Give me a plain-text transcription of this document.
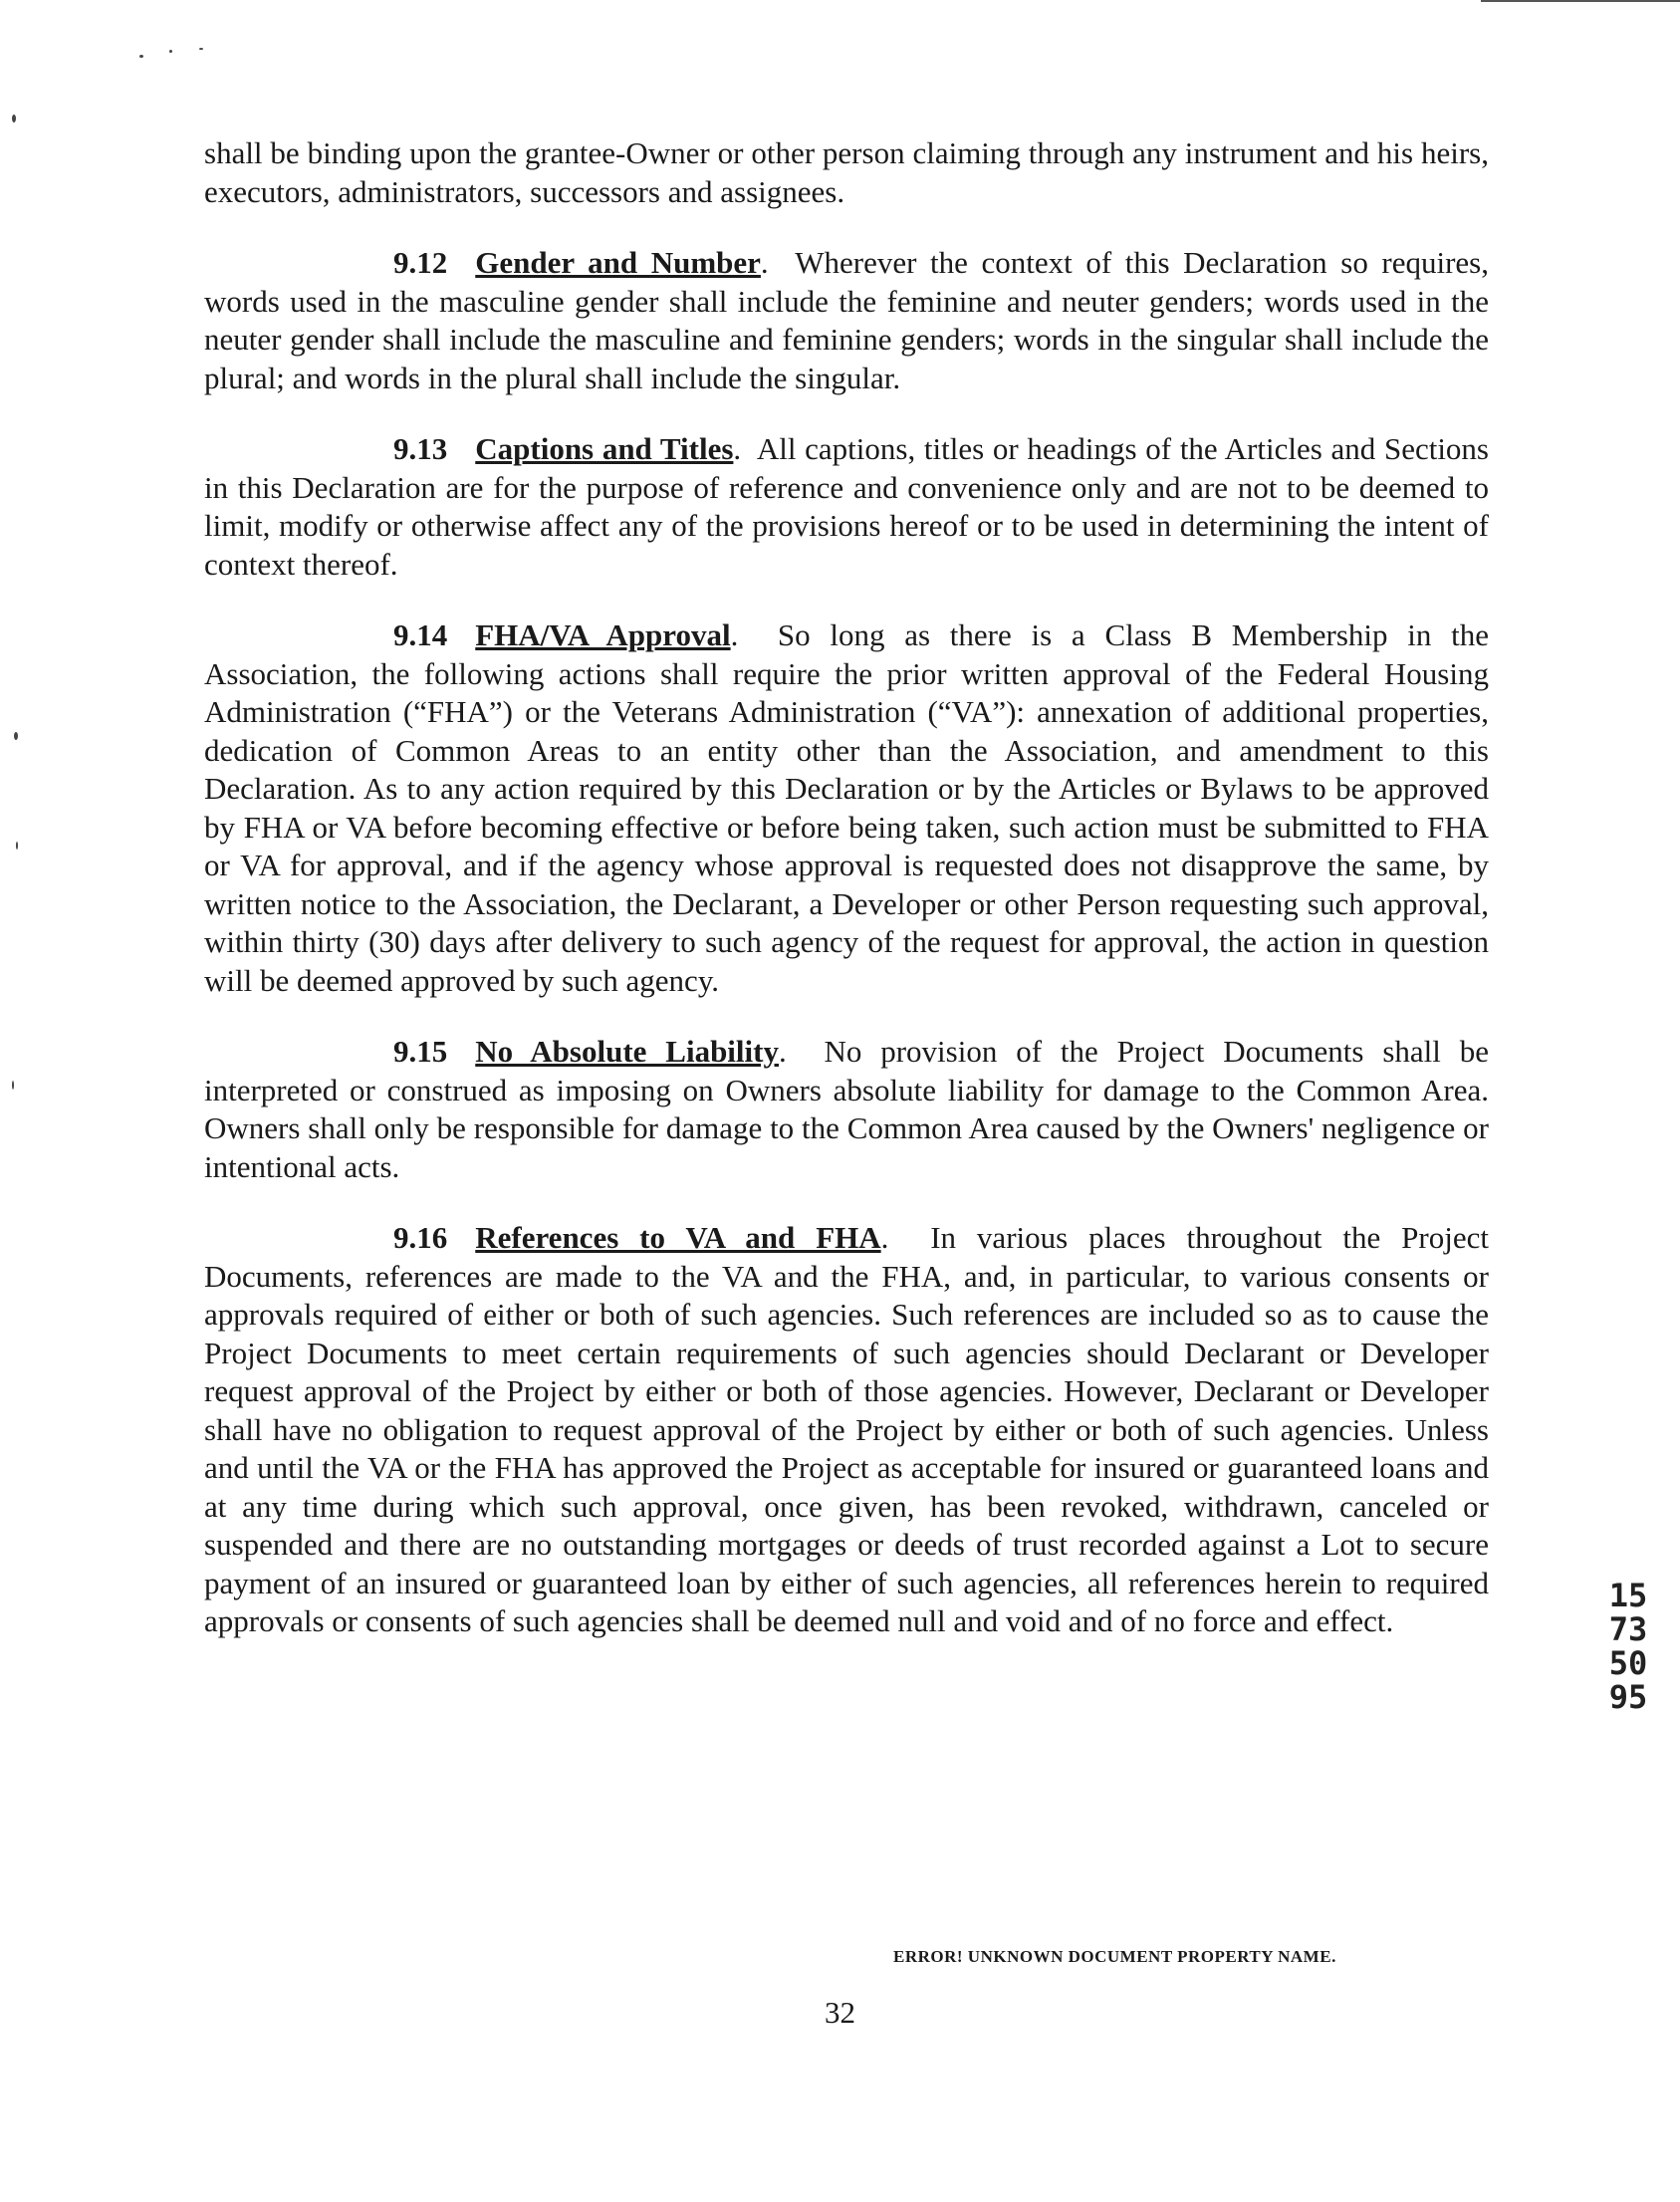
shall be binding upon the grantee-Owner or other person claiming through any instrument and his heirs, executors, administrators, successors and assignees.

9.12 Gender and Number.  Wherever the context of this Declaration so requires, words used in the masculine gender shall include the feminine and neuter genders; words used in the neuter gender shall include the masculine and feminine genders; words in the singular shall include the plural; and words in the plural shall include the singular.

9.13 Captions and Titles.  All captions, titles or headings of the Articles and Sections in this Declaration are for the purpose of reference and convenience only and are not to be deemed to limit, modify or otherwise affect any of the provisions hereof or to be used in determining the intent of context thereof.

9.14 FHA/VA Approval.  So long as there is a Class B Membership in the Association, the following actions shall require the prior written approval of the Federal Housing Administration (“FHA”) or the Veterans Administration (“VA”): annexation of additional properties, dedication of Common Areas to an entity other than the Association, and amendment to this Declaration. As to any action required by this Declaration or by the Articles or Bylaws to be approved by FHA or VA before becoming effective or before being taken, such action must be submitted to FHA or VA for approval, and if the agency whose approval is requested does not disapprove the same, by written notice to the Association, the Declarant, a Developer or other Person requesting such approval, within thirty (30) days after delivery to such agency of the request for approval, the action in question will be deemed approved by such agency.

9.15 No Absolute Liability.  No provision of the Project Documents shall be interpreted or construed as imposing on Owners absolute liability for damage to the Common Area. Owners shall only be responsible for damage to the Common Area caused by the Owners' negligence or intentional acts.

9.16 References to VA and FHA.  In various places throughout the Project Documents, references are made to the VA and the FHA, and, in particular, to various consents or approvals required of either or both of such agencies. Such references are included so as to cause the Project Documents to meet certain requirements of such agencies should Declarant or Developer request approval of the Project by either or both of those agencies. However, Declarant or Developer shall have no obligation to request approval of the Project by either or both of such agencies. Unless and until the VA or the FHA has approved the Project as acceptable for insured or guaranteed loans and at any time during which such approval, once given, has been revoked, withdrawn, canceled or suspended and there are no outstanding mortgages or deeds of trust recorded against a Lot to secure payment of an insured or guaranteed loan by either of such agencies, all references herein to required approvals or consents of such agencies shall be deemed null and void and of no force and effect.

1573 5095
ERROR! UNKNOWN DOCUMENT PROPERTY NAME.
32
